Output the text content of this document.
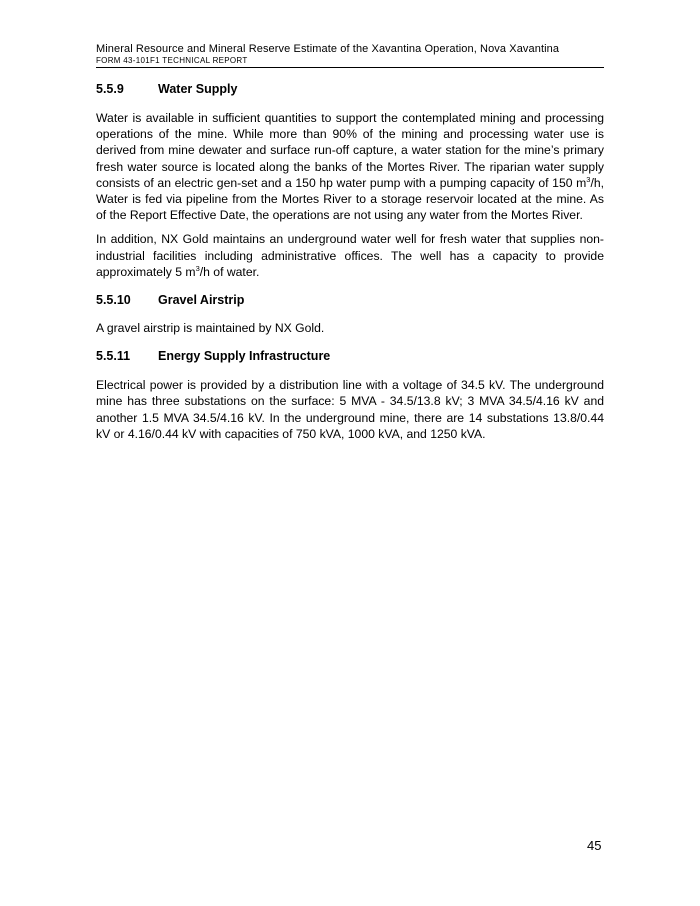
Mineral Resource and Mineral Reserve Estimate of the Xavantina Operation, Nova Xavantina

FORM 43-101F1 TECHNICAL REPORT

5.5.9	Water Supply

Water is available in sufficient quantities to support the contemplated mining and processing operations of the mine. While more than 90% of the mining and processing water use is derived from mine dewater and surface run-off capture, a water station for the mine’s primary fresh water source is located along the banks of the Mortes River. The riparian water supply consists of an electric gen-set and a 150 hp water pump with a pumping capacity of 150 $m^3/h$, Water is fed via pipeline from the Mortes River to a storage reservoir located at the mine. As of the Report Effective Date, the operations are not using any water from the Mortes River.

In addition, NX Gold maintains an underground water well for fresh water that supplies non-industrial facilities including administrative offices. The well has a capacity to provide approximately 5 $m^3/h$ of water.

5.5.10	Gravel Airstrip

A gravel airstrip is maintained by NX Gold.

5.5.11	Energy Supply Infrastructure

Electrical power is provided by a distribution line with a voltage of 34.5 kV. The underground mine has three substations on the surface: 5 MVA - 34.5/13.8 kV; 3 MVA 34.5/4.16 kV and another 1.5 MVA 34.5/4.16 kV. In the underground mine, there are 14 substations 13.8/0.44 kV or 4.16/0.44 kV with capacities of 750 kVA, 1000 kVA, and 1250 kVA.

45
